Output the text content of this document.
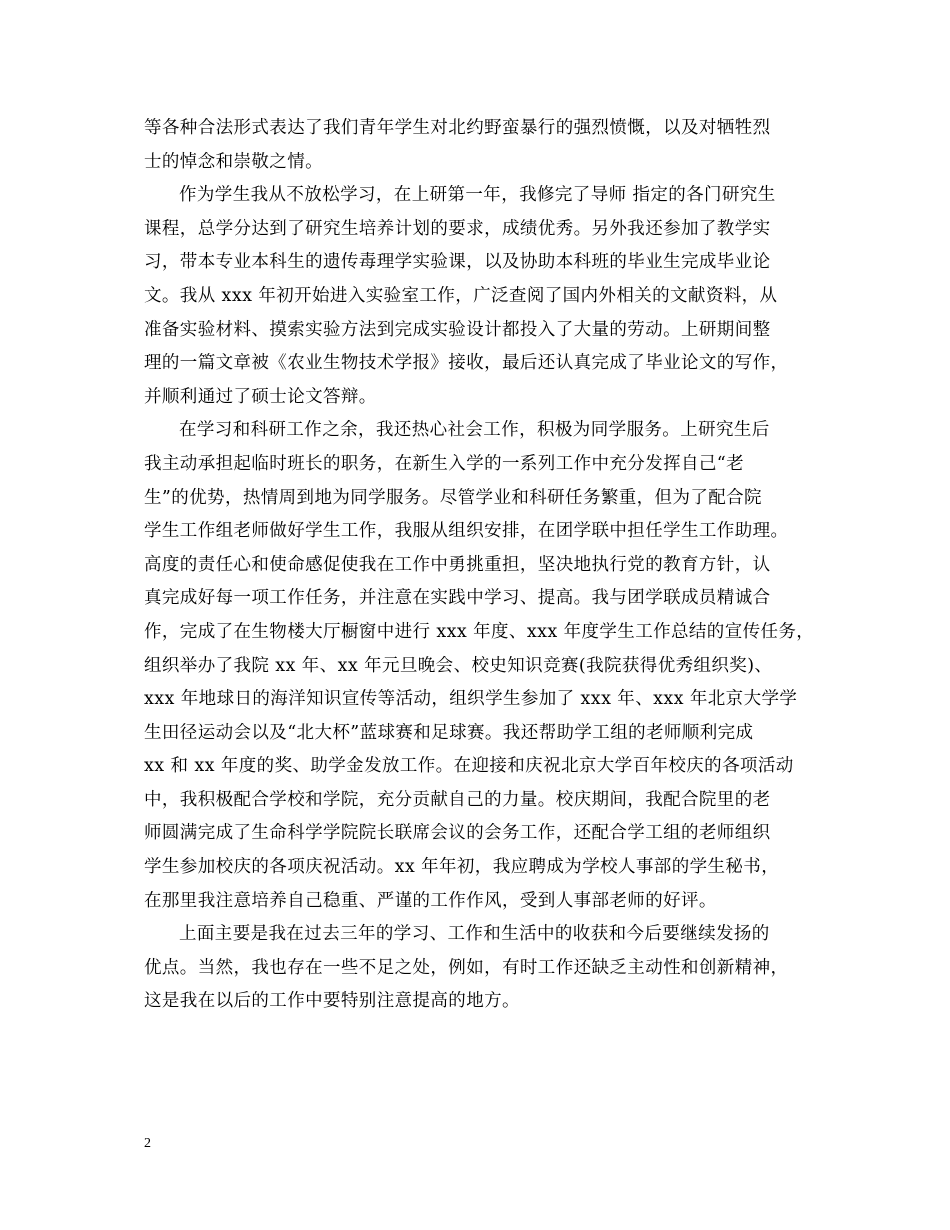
等各种合法形式表达了我们青年学生对北约野蛮暴行的强烈愤慨，以及对牺牲烈
士的悼念和崇敬之情。
作为学生我从不放松学习，在上研第一年，我修完了导师 指定的各门研究生
课程，总学分达到了研究生培养计划的要求，成绩优秀。另外我还参加了教学实
习，带本专业本科生的遗传毒理学实验课，以及协助本科班的毕业生完成毕业论
文。我从 xxx 年初开始进入实验室工作，广泛查阅了国内外相关的文献资料，从
准备实验材料、摸索实验方法到完成实验设计都投入了大量的劳动。上研期间整
理的一篇文章被《农业生物技术学报》接收，最后还认真完成了毕业论文的写作，
并顺利通过了硕士论文答辩。
在学习和科研工作之余，我还热心社会工作，积极为同学服务。上研究生后
我主动承担起临时班长的职务，在新生入学的一系列工作中充分发挥自己“老
生”的优势，热情周到地为同学服务。尽管学业和科研任务繁重，但为了配合院
学生工作组老师做好学生工作，我服从组织安排，在团学联中担任学生工作助理。
高度的责任心和使命感促使我在工作中勇挑重担，坚决地执行党的教育方针，认
真完成好每一项工作任务，并注意在实践中学习、提高。我与团学联成员精诚合
作，完成了在生物楼大厅橱窗中进行 xxx 年度、xxx 年度学生工作总结的宣传任务，
组织举办了我院 xx 年、xx 年元旦晚会、校史知识竞赛(我院获得优秀组织奖)、
xxx 年地球日的海洋知识宣传等活动，组织学生参加了 xxx 年、xxx 年北京大学学
生田径运动会以及“北大杯”蓝球赛和足球赛。我还帮助学工组的老师顺利完成
xx 和 xx 年度的奖、助学金发放工作。在迎接和庆祝北京大学百年校庆的各项活动
中，我积极配合学校和学院，充分贡献自己的力量。校庆期间，我配合院里的老
师圆满完成了生命科学学院院长联席会议的会务工作，还配合学工组的老师组织
学生参加校庆的各项庆祝活动。xx 年年初，我应聘成为学校人事部的学生秘书，
在那里我注意培养自己稳重、严谨的工作作风，受到人事部老师的好评。
上面主要是我在过去三年的学习、工作和生活中的收获和今后要继续发扬的
优点。当然，我也存在一些不足之处，例如，有时工作还缺乏主动性和创新精神，
这是我在以后的工作中要特别注意提高的地方。
2
